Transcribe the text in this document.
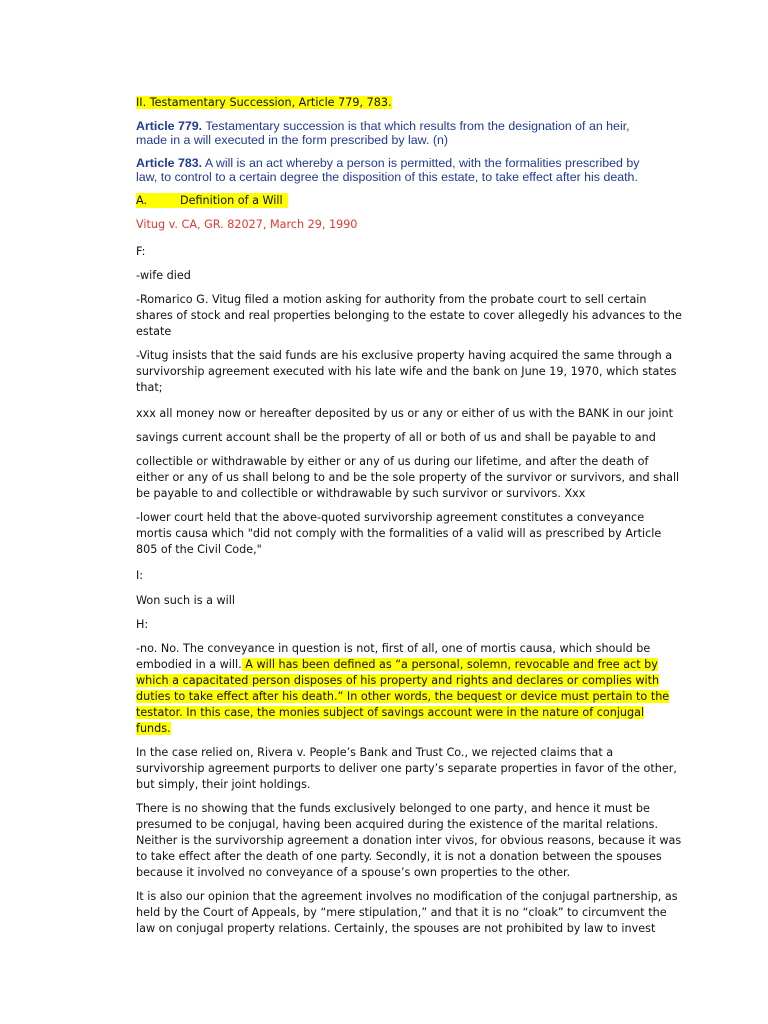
II. Testamentary Succession, Article 779, 783.
Article 779. Testamentary succession is that which results from the designation of an heir,
made in a will executed in the form prescribed by law. (n)
Article 783. A will is an act whereby a person is permitted, with the formalities prescribed by
law, to control to a certain degree the disposition of this estate, to take effect after his death.
A.	Definition of a Will
Vitug v. CA, GR. 82027, March 29, 1990
F:
-wife died
-Romarico G. Vitug filed a motion asking for authority from the probate court to sell certain
shares of stock and real properties belonging to the estate to cover allegedly his advances to the
estate
-Vitug insists that the said funds are his exclusive property having acquired the same through a
survivorship agreement executed with his late wife and the bank on June 19, 1970, which states
that;
xxx all money now or hereafter deposited by us or any or either of us with the BANK in our joint
savings current account shall be the property of all or both of us and shall be payable to and
collectible or withdrawable by either or any of us during our lifetime, and after the death of
either or any of us shall belong to and be the sole property of the survivor or survivors, and shall
be payable to and collectible or withdrawable by such survivor or survivors. Xxx
-lower court held that the above-quoted survivorship agreement constitutes a conveyance
mortis causa which "did not comply with the formalities of a valid will as prescribed by Article
805 of the Civil Code,"
I:
Won such is a will
H:
-no. No. The conveyance in question is not, first of all, one of mortis causa, which should be
embodied in a will. A will has been defined as “a personal, solemn, revocable and free act by
which a capacitated person disposes of his property and rights and declares or complies with
duties to take effect after his death.” In other words, the bequest or device must pertain to the
testator. In this case, the monies subject of savings account were in the nature of conjugal
funds.
In the case relied on, Rivera v. People’s Bank and Trust Co., we rejected claims that a
survivorship agreement purports to deliver one party’s separate properties in favor of the other,
but simply, their joint holdings.
There is no showing that the funds exclusively belonged to one party, and hence it must be
presumed to be conjugal, having been acquired during the existence of the marital relations.
Neither is the survivorship agreement a donation inter vivos, for obvious reasons, because it was
to take effect after the death of one party. Secondly, it is not a donation between the spouses
because it involved no conveyance of a spouse’s own properties to the other.
It is also our opinion that the agreement involves no modification of the conjugal partnership, as
held by the Court of Appeals, by “mere stipulation,” and that it is no “cloak” to circumvent the
law on conjugal property relations. Certainly, the spouses are not prohibited by law to invest
